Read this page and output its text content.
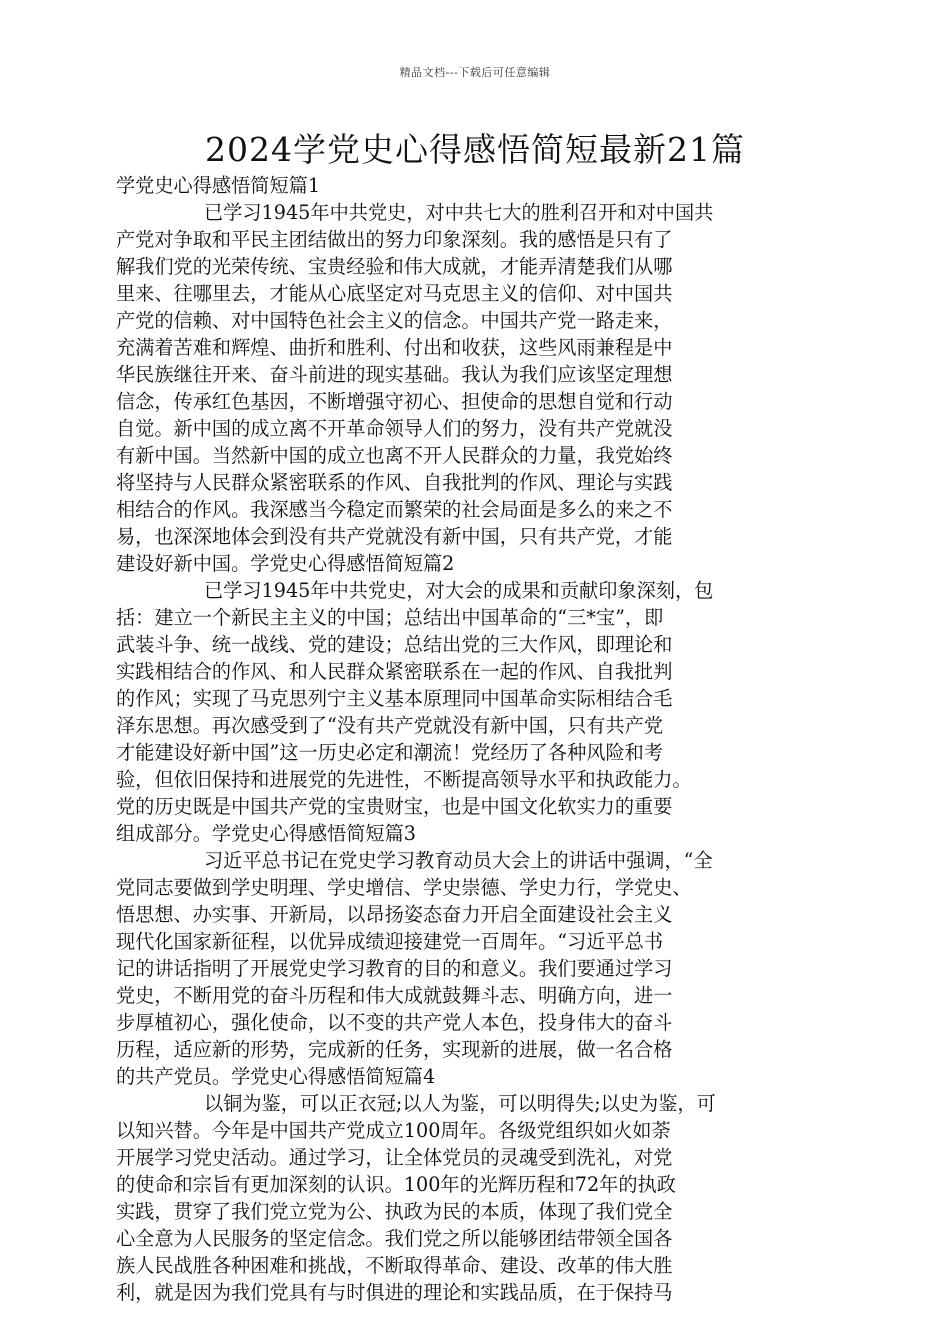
精品文档---下载后可任意编辑
2024学党史心得感悟简短最新21篇
学党史心得感悟简短篇1
已学习1945年中共党史，对中共七大的胜利召开和对中国共
产党对争取和平民主团结做出的努力印象深刻。我的感悟是只有了
解我们党的光荣传统、宝贵经验和伟大成就，才能弄清楚我们从哪
里来、往哪里去，才能从心底坚定对马克思主义的信仰、对中国共
产党的信赖、对中国特色社会主义的信念。中国共产党一路走来，
充满着苦难和辉煌、曲折和胜利、付出和收获，这些风雨兼程是中
华民族继往开来、奋斗前进的现实基础。我认为我们应该坚定理想
信念，传承红色基因，不断增强守初心、担使命的思想自觉和行动
自觉。新中国的成立离不开革命领导人们的努力，没有共产党就没
有新中国。当然新中国的成立也离不开人民群众的力量，我党始终
将坚持与人民群众紧密联系的作风、自我批判的作风、理论与实践
相结合的作风。我深感当今稳定而繁荣的社会局面是多么的来之不
易，也深深地体会到没有共产党就没有新中国，只有共产党，才能
建设好新中国。学党史心得感悟简短篇2
已学习1945年中共党史，对大会的成果和贡献印象深刻，包
括：建立一个新民主主义的中国；总结出中国革命的“三*宝”，即
武装斗争、统一战线、党的建设；总结出党的三大作风，即理论和
实践相结合的作风、和人民群众紧密联系在一起的作风、自我批判
的作风；实现了马克思列宁主义基本原理同中国革命实际相结合毛
泽东思想。再次感受到了“没有共产党就没有新中国，只有共产党
才能建设好新中国”这一历史必定和潮流！党经历了各种风险和考
验，但依旧保持和进展党的先进性，不断提高领导水平和执政能力。
党的历史既是中国共产党的宝贵财宝，也是中国文化软实力的重要
组成部分。学党史心得感悟简短篇3
习近平总书记在党史学习教育动员大会上的讲话中强调，“全
党同志要做到学史明理、学史增信、学史崇德、学史力行，学党史、
悟思想、办实事、开新局，以昂扬姿态奋力开启全面建设社会主义
现代化国家新征程，以优异成绩迎接建党一百周年。“习近平总书
记的讲话指明了开展党史学习教育的目的和意义。我们要通过学习
党史，不断用党的奋斗历程和伟大成就鼓舞斗志、明确方向，进一
步厚植初心，强化使命，以不变的共产党人本色，投身伟大的奋斗
历程，适应新的形势，完成新的任务，实现新的进展，做一名合格
的共产党员。学党史心得感悟简短篇4
以铜为鉴，可以正衣冠;以人为鉴，可以明得失;以史为鉴，可
以知兴替。今年是中国共产党成立100周年。各级党组织如火如荼
开展学习党史活动。通过学习，让全体党员的灵魂受到洗礼，对党
的使命和宗旨有更加深刻的认识。100年的光辉历程和72年的执政
实践，贯穿了我们党立党为公、执政为民的本质，体现了我们党全
心全意为人民服务的坚定信念。我们党之所以能够团结带领全国各
族人民战胜各种困难和挑战，不断取得革命、建设、改革的伟大胜
利，就是因为我们党具有与时俱进的理论和实践品质，在于保持马
